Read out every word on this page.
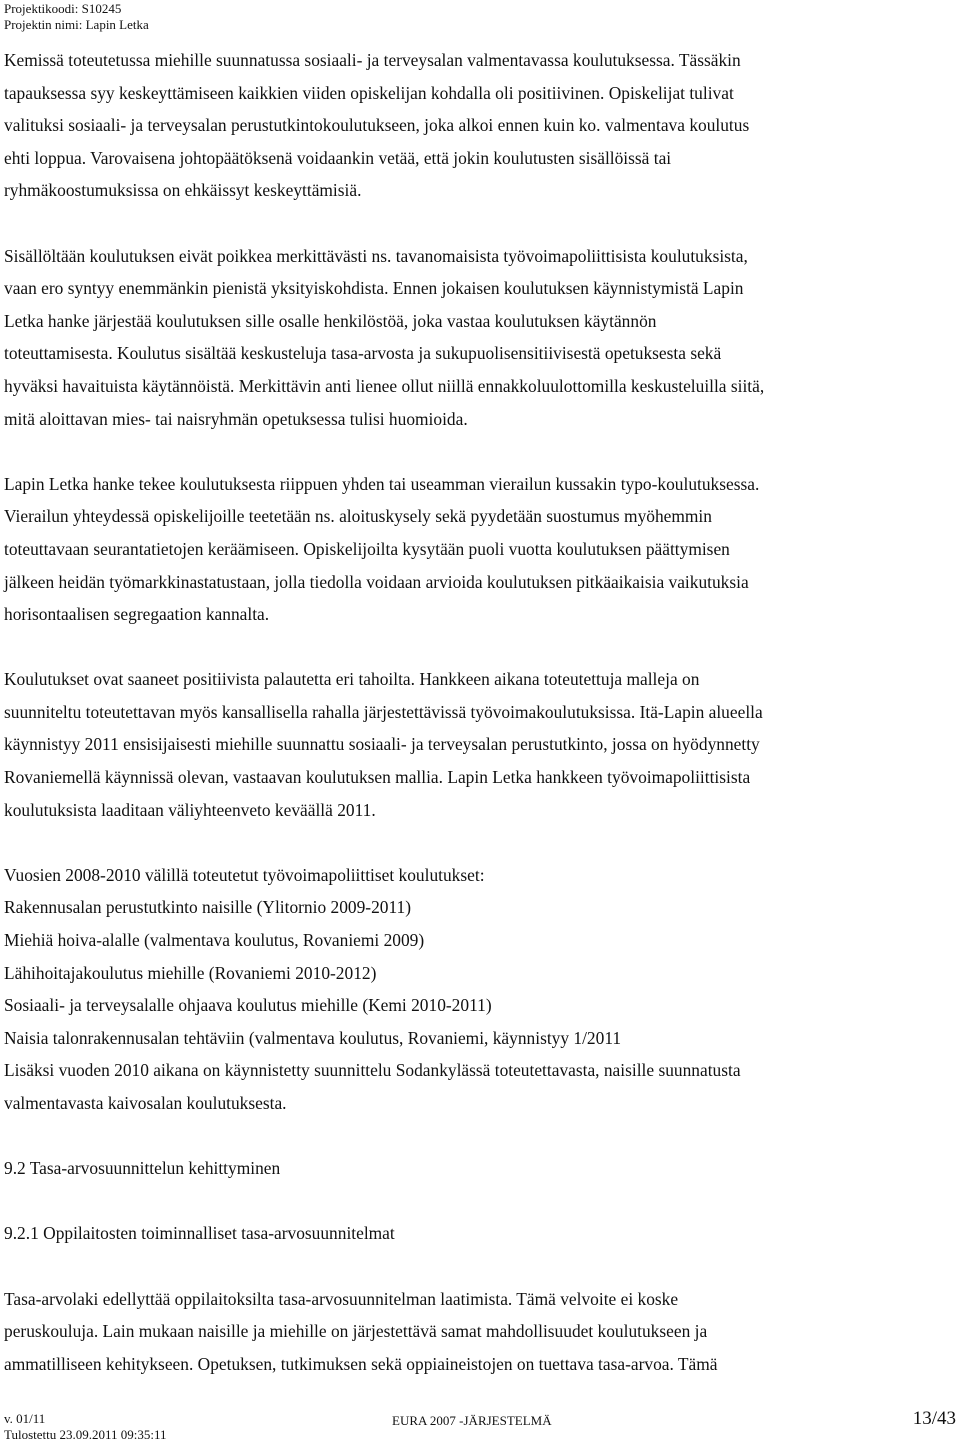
Projektikoodi: S10245
Projektin nimi: Lapin Letka

Kemissä toteutetussa miehille suunnatussa sosiaali- ja terveysalan valmentavassa koulutuksessa. Tässäkin
tapauksessa syy keskeyttämiseen kaikkien viiden opiskelijan kohdalla oli positiivinen. Opiskelijat tulivat
valituksi sosiaali- ja terveysalan perustutkintokoulutukseen, joka alkoi ennen kuin ko. valmentava koulutus
ehti loppua. Varovaisena johtopäätöksenä voidaankin vetää, että jokin koulutusten sisällöissä tai
ryhmäkoostumuksissa on ehkäissyt keskeyttämisiä.

Sisällöltään koulutuksen eivät poikkea merkittävästi ns. tavanomaisista työvoimapoliittisista koulutuksista,
vaan ero syntyy enemmänkin pienistä yksityiskohdista. Ennen jokaisen koulutuksen käynnistymistä Lapin
Letka hanke järjestää koulutuksen sille osalle henkilöstöä, joka vastaa koulutuksen käytännön
toteuttamisesta. Koulutus sisältää keskusteluja tasa-arvosta ja sukupuolisensitiivisestä opetuksesta sekä
hyväksi havaituista käytännöistä. Merkittävin anti lienee ollut niillä ennakkoluulottomilla keskusteluilla siitä,
mitä aloittavan mies- tai naisryhmän opetuksessa tulisi huomioida.

Lapin Letka hanke tekee koulutuksesta riippuen yhden tai useamman vierailun kussakin typo-koulutuksessa.
Vierailun yhteydessä opiskelijoille teetetään ns. aloituskysely sekä pyydetään suostumus myöhemmin
toteuttavaan seurantatietojen keräämiseen. Opiskelijoilta kysytään puoli vuotta koulutuksen päättymisen
jälkeen heidän työmarkkinastatustaan, jolla tiedolla voidaan arvioida koulutuksen pitkäaikaisia vaikutuksia
horisontaalisen segregaation kannalta.

Koulutukset ovat saaneet positiivista palautetta eri tahoilta. Hankkeen aikana toteutettuja malleja on
suunniteltu toteutettavan myös kansallisella rahalla järjestettävissä työvoimakoulutuksissa. Itä-Lapin alueella
käynnistyy 2011 ensisijaisesti miehille suunnattu sosiaali- ja terveysalan perustutkinto, jossa on hyödynnetty
Rovaniemellä käynnissä olevan, vastaavan koulutuksen mallia. Lapin Letka hankkeen työvoimapoliittisista
koulutuksista laaditaan väliyhteenveto keväällä 2011.

Vuosien 2008-2010 välillä toteutetut työvoimapoliittiset koulutukset:
Rakennusalan perustutkinto naisille (Ylitornio 2009-2011)
Miehiä hoiva-alalle (valmentava koulutus, Rovaniemi 2009)
Lähihoitajakoulutus miehille (Rovaniemi 2010-2012)
Sosiaali- ja terveysalalle ohjaava koulutus miehille (Kemi 2010-2011)
Naisia talonrakennusalan tehtäviin (valmentava koulutus, Rovaniemi, käynnistyy 1/2011
Lisäksi vuoden 2010 aikana on käynnistetty suunnittelu Sodankylässä toteutettavasta, naisille suunnatusta
valmentavasta kaivosalan koulutuksesta.

9.2 Tasa-arvosuunnittelun kehittyminen

9.2.1 Oppilaitosten toiminnalliset tasa-arvosuunnitelmat

Tasa-arvolaki edellyttää oppilaitoksilta tasa-arvosuunnitelman laatimista. Tämä velvoite ei koske
peruskouluja. Lain mukaan naisille ja miehille on järjestettävä samat mahdollisuudet koulutukseen ja
ammatilliseen kehitykseen. Opetuksen, tutkimuksen sekä oppiaineistojen on tuettava tasa-arvoa. Tämä

v. 01/11
Tulostettu 23.09.2011 09:35:11
EURA 2007 -JÄRJESTELMÄ	13/43
